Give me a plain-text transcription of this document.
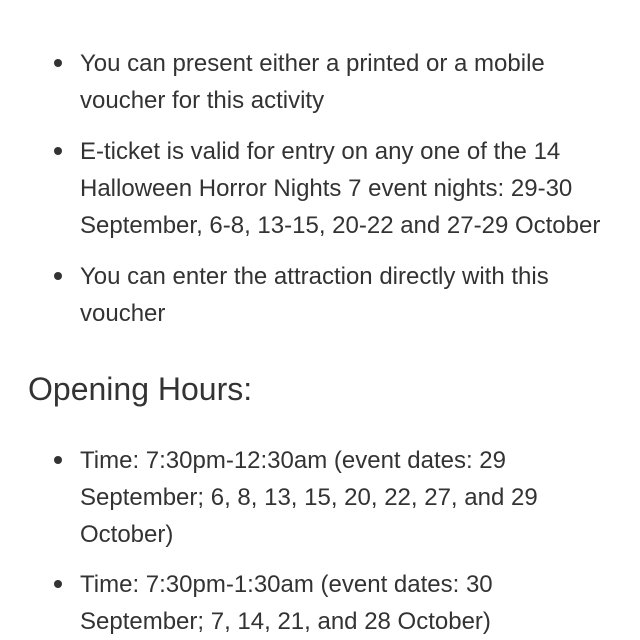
You can present either a printed or a mobile voucher for this activity
E-ticket is valid for entry on any one of the 14 Halloween Horror Nights 7 event nights: 29-30 September, 6-8, 13-15, 20-22 and 27-29 October
You can enter the attraction directly with this voucher
Opening Hours:
Time: 7:30pm-12:30am (event dates: 29 September; 6, 8, 13, 15, 20, 22, 27, and 29 October)
Time: 7:30pm-1:30am (event dates: 30 September; 7, 14, 21, and 28 October)
